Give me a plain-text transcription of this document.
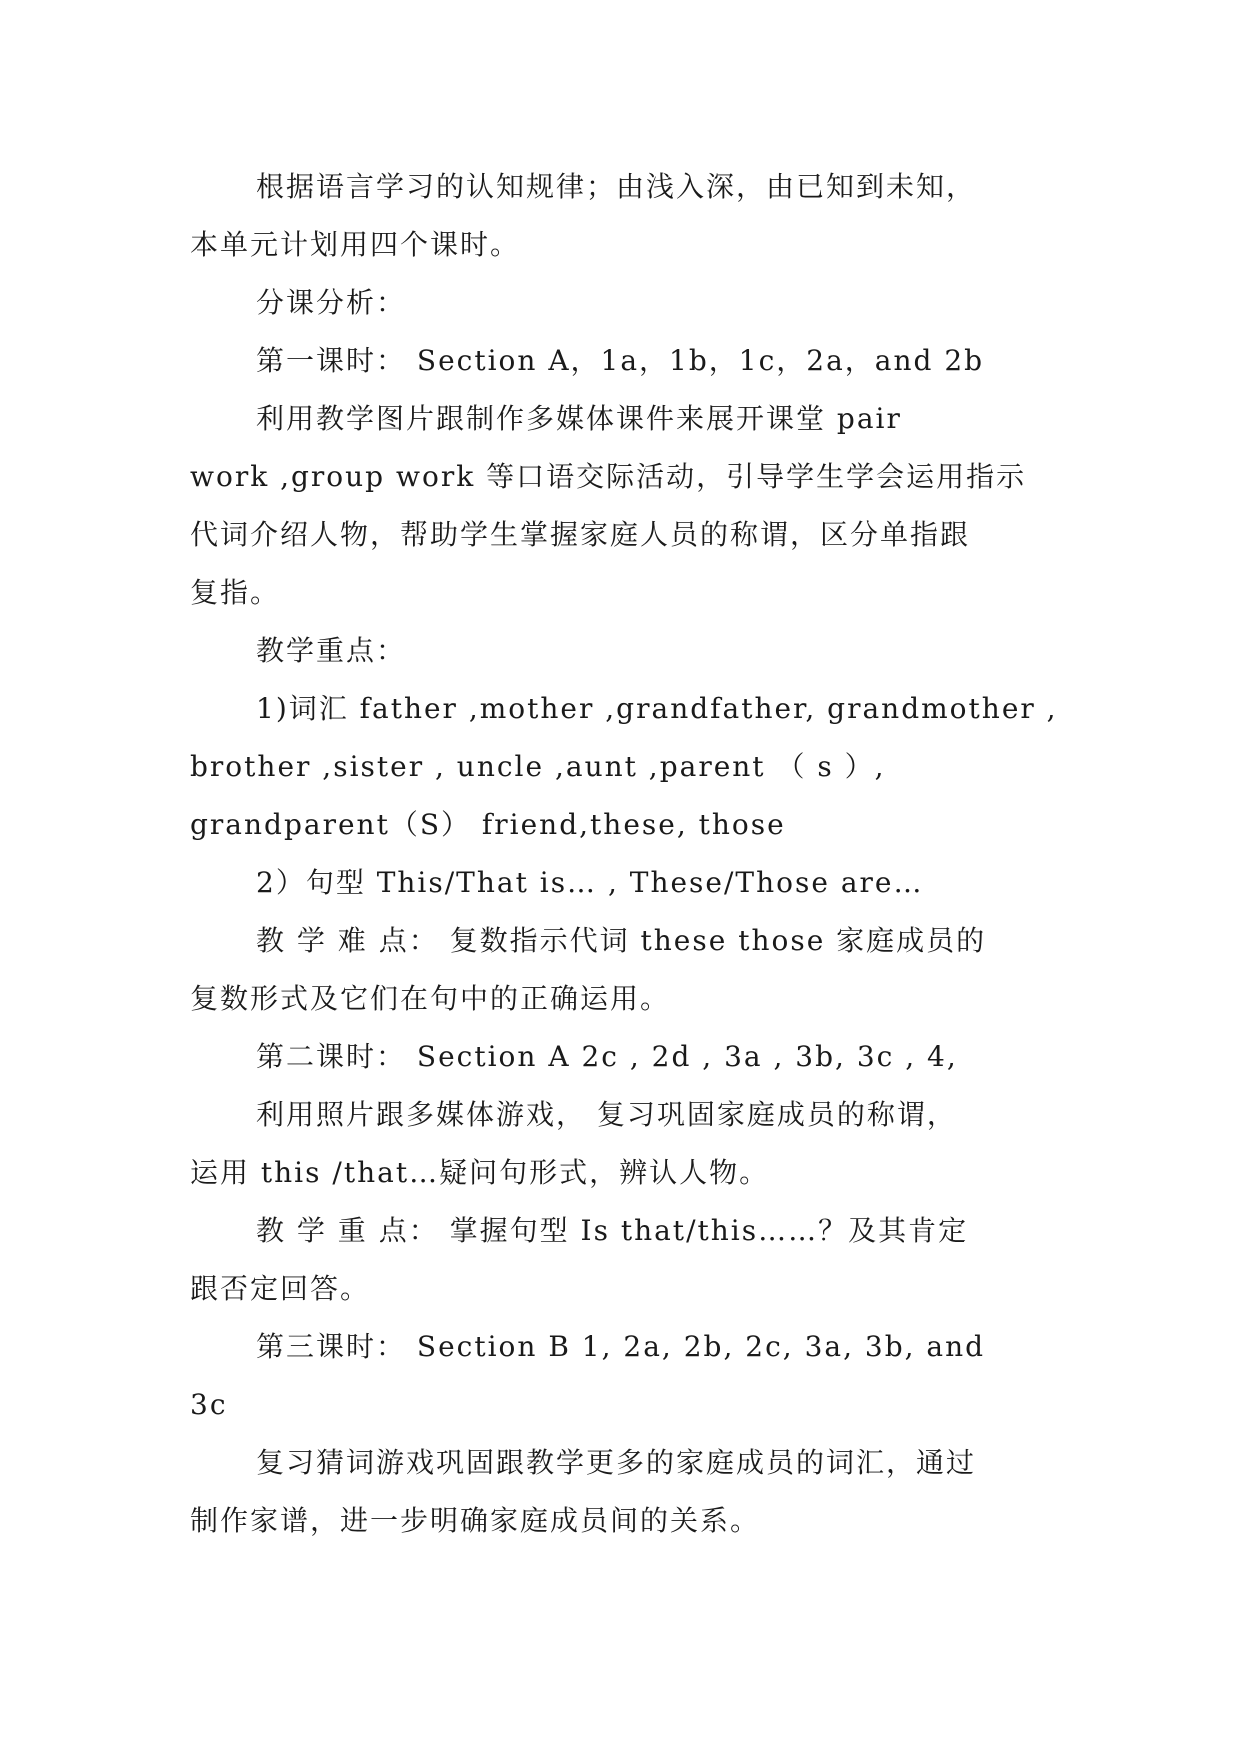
根据语言学习的认知规律；由浅入深，由已知到未知，
本单元计划用四个课时。
分课分析：
第一课时： Section A，1a，1b，1c，2a，and 2b
利用教学图片跟制作多媒体课件来展开课堂 pair
work ,group work 等口语交际活动，引导学生学会运用指示
代词介绍人物，帮助学生掌握家庭人员的称谓，区分单指跟
复指。
教学重点：
1)词汇 father ,mother ,grandfather, grandmother ,
brother ,sister , uncle ,aunt ,parent （ s ）,
grandparent（S） friend,these, those
2）句型 This/That is… , These/Those are…
教 学 难 点： 复数指示代词 these those 家庭成员的
复数形式及它们在句中的正确运用。
第二课时： Section A 2c , 2d , 3a , 3b, 3c , 4,
利用照片跟多媒体游戏， 复习巩固家庭成员的称谓，
运用 this /that…疑问句形式，辨认人物。
教 学 重 点： 掌握句型 Is that/this……？及其肯定
跟否定回答。
第三课时： Section B 1, 2a, 2b, 2c, 3a, 3b, and
3c
复习猜词游戏巩固跟教学更多的家庭成员的词汇，通过
制作家谱，进一步明确家庭成员间的关系。
